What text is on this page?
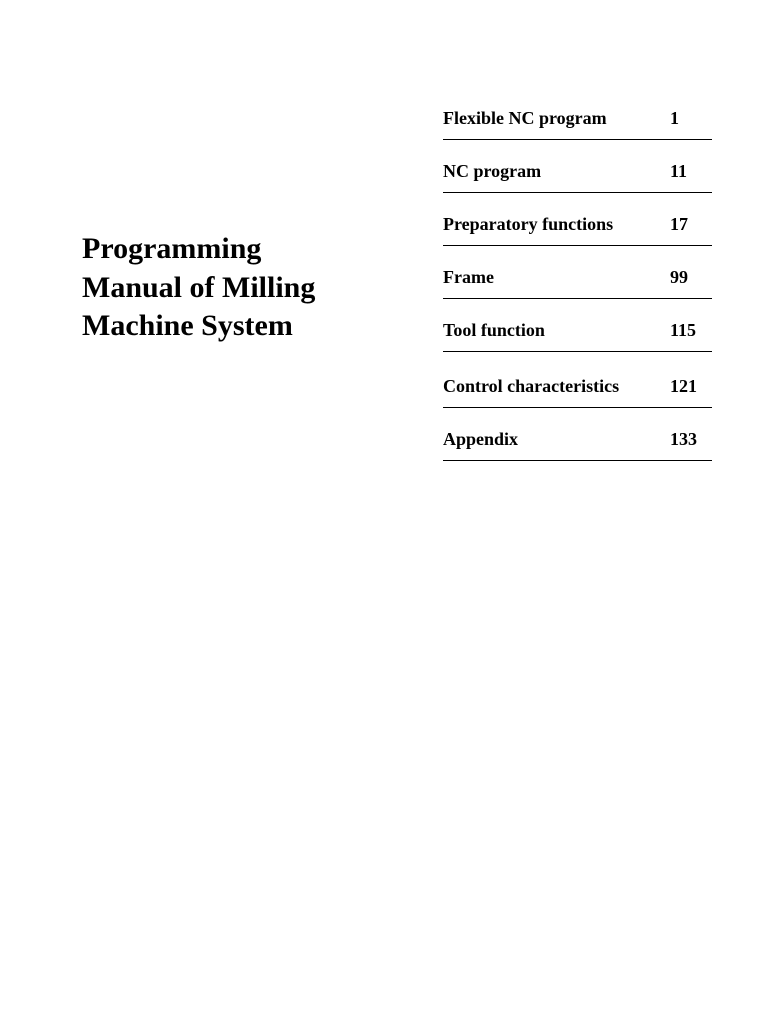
Programming
Manual of Milling
Machine System
Flexible NC program	1
NC program	11
Preparatory functions	17
Frame	99
Tool function	115
Control characteristics	121
Appendix	133
